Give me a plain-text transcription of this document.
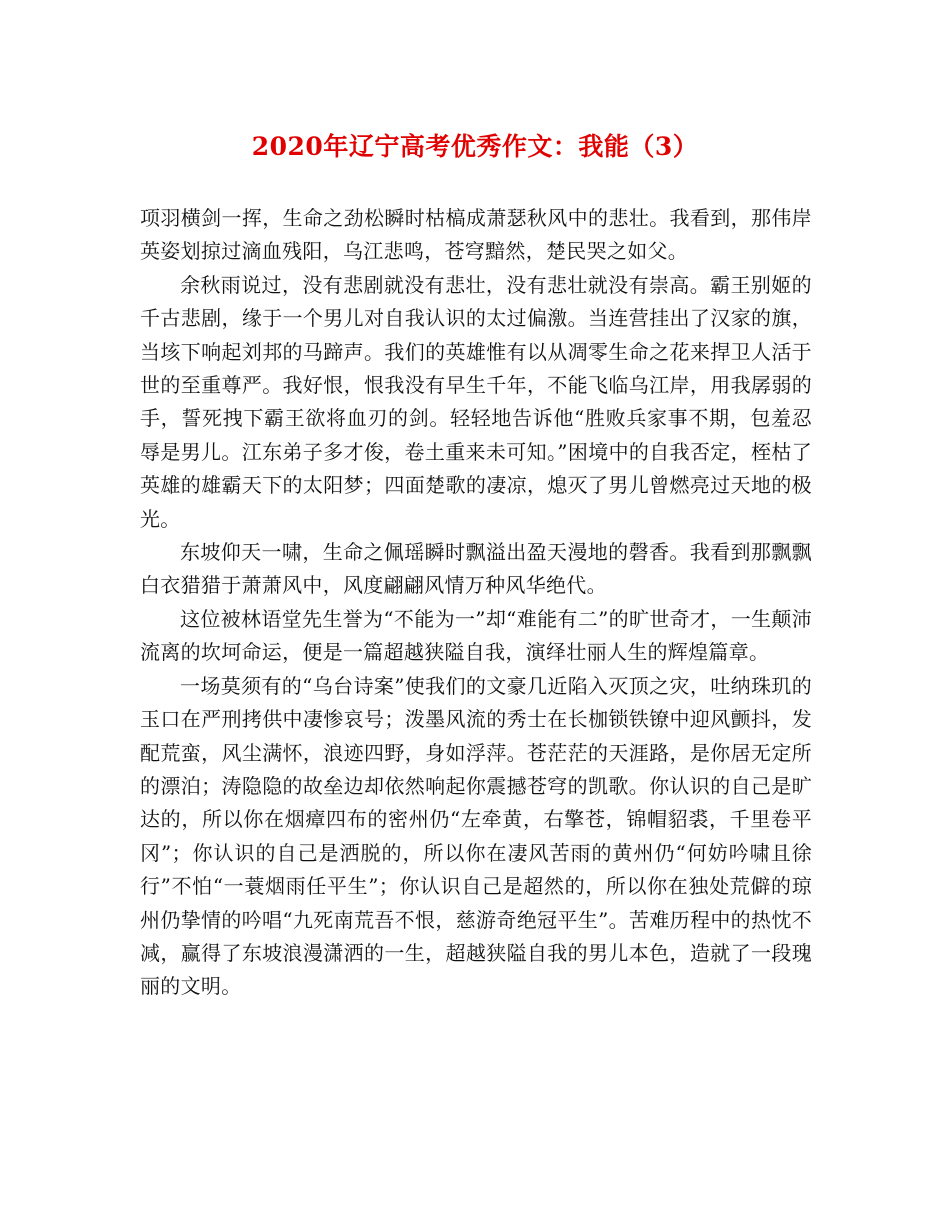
2020年辽宁高考优秀作文：我能（3）

项羽横剑一挥，生命之劲松瞬时枯槁成萧瑟秋风中的悲壮。我看到，那伟岸英姿划掠过滴血残阳，乌江悲鸣，苍穹黯然，楚民哭之如父。

余秋雨说过，没有悲剧就没有悲壮，没有悲壮就没有崇高。霸王别姬的千古悲剧，缘于一个男儿对自我认识的太过偏激。当连营挂出了汉家的旗，当垓下响起刘邦的马蹄声。我们的英雄惟有以从凋零生命之花来捍卫人活于世的至重尊严。我好恨，恨我没有早生千年，不能飞临乌江岸，用我孱弱的手，誓死拽下霸王欲将血刃的剑。轻轻地告诉他“胜败兵家事不期，包羞忍辱是男儿。江东弟子多才俊，卷土重来未可知。”困境中的自我否定，桎枯了英雄的雄霸天下的太阳梦；四面楚歌的凄凉，熄灭了男儿曾燃亮过天地的极光。

东坡仰天一啸，生命之佩瑶瞬时飘溢出盈天漫地的磬香。我看到那飘飘白衣猎猎于萧萧风中，风度翩翩风情万种风华绝代。

这位被林语堂先生誉为“不能为一”却“难能有二”的旷世奇才，一生颠沛流离的坎坷命运，便是一篇超越狭隘自我，演绎壮丽人生的辉煌篇章。

一场莫须有的“乌台诗案”使我们的文豪几近陷入灭顶之灾，吐纳珠玑的玉口在严刑拷供中凄惨哀号；泼墨风流的秀士在长枷锁铁镣中迎风颤抖，发配荒蛮，风尘满怀，浪迹四野，身如浮萍。苍茫茫的天涯路，是你居无定所的漂泊；涛隐隐的故垒边却依然响起你震撼苍穹的凯歌。你认识的自己是旷达的，所以你在烟瘴四布的密州仍“左牵黄，右擎苍，锦帽貂裘，千里卷平冈”；你认识的自己是洒脱的，所以你在凄风苦雨的黄州仍“何妨吟啸且徐行”不怕“一蓑烟雨任平生”；你认识自己是超然的，所以你在独处荒僻的琼州仍挚情的吟唱“九死南荒吾不恨，慈游奇绝冠平生”。苦难历程中的热忱不减，赢得了东坡浪漫潇洒的一生，超越狭隘自我的男儿本色，造就了一段瑰丽的文明。
